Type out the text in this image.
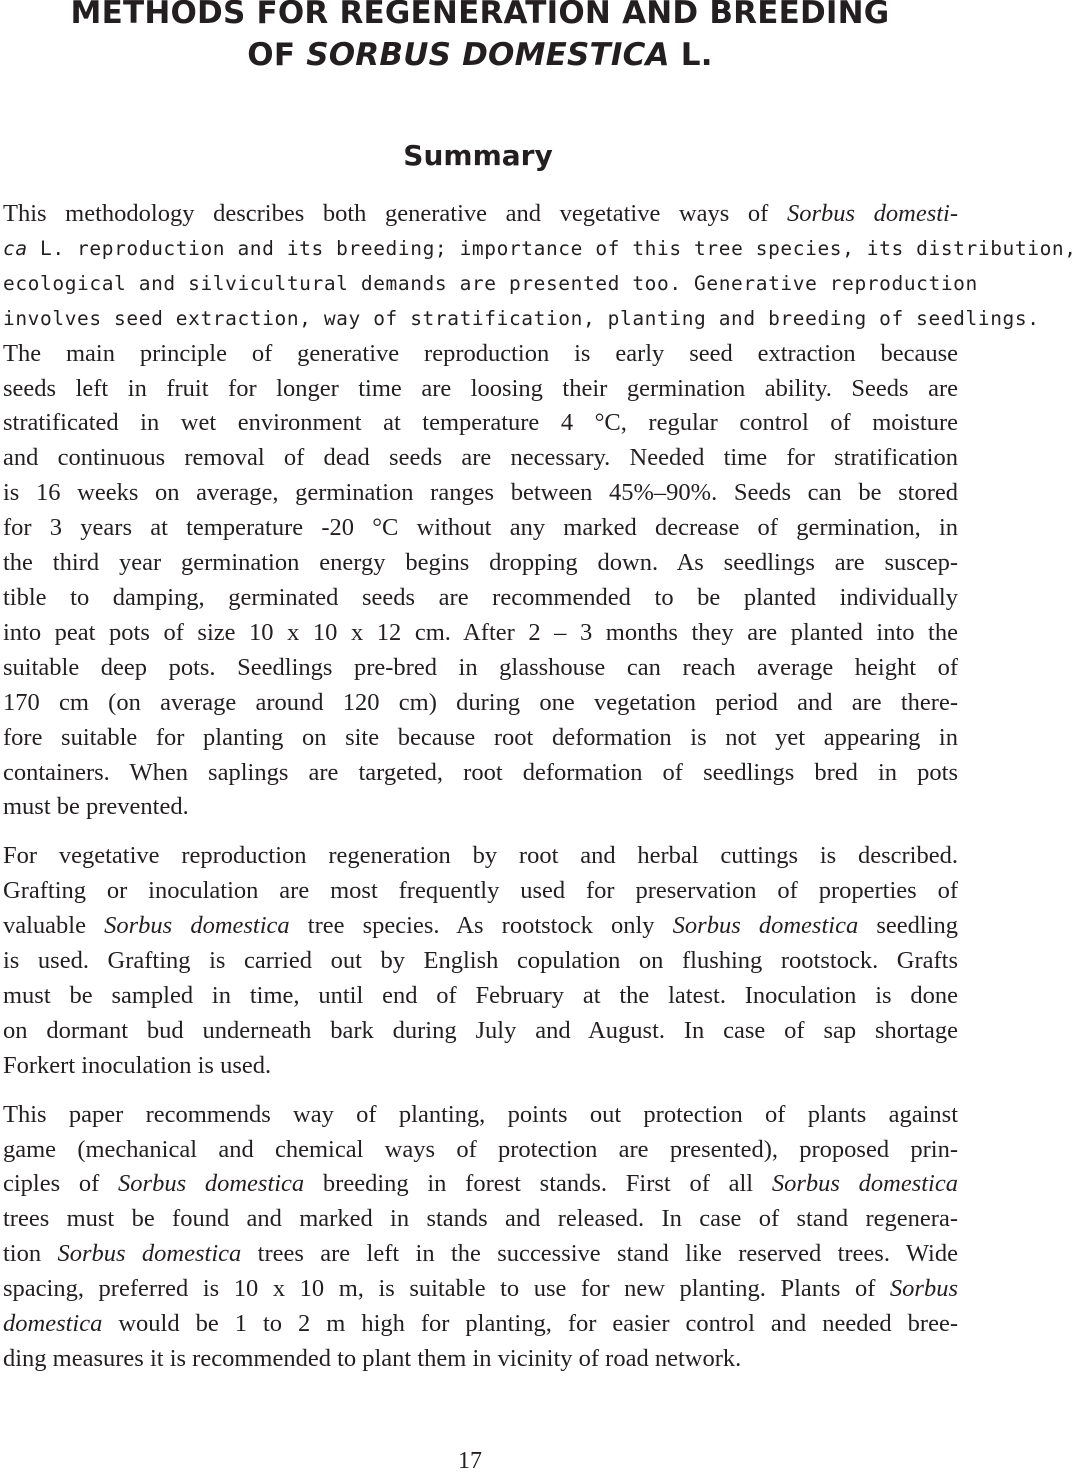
METHODS FOR REGENERATION AND BREEDING
OF SORBUS DOMESTICA L.
Summary

This methodology describes both generative and vegetative ways of Sorbus domesti-
ca L. reproduction and its breeding; importance of this tree species, its distribution,
ecological and silvicultural demands are presented too. Generative reproduction
involves seed extraction, way of stratification, planting and breeding of seedlings.
The main principle of generative reproduction is early seed extraction because
seeds left in fruit for longer time are loosing their germination ability. Seeds are
stratificated in wet environment at temperature 4 °C, regular control of moisture
and continuous removal of dead seeds are necessary. Needed time for stratification
is 16 weeks on average, germination ranges between 45%–90%. Seeds can be stored
for 3 years at temperature -20 °C without any marked decrease of germination, in
the third year germination energy begins dropping down. As seedlings are suscep-
tible to damping, germinated seeds are recommended to be planted individually
into peat pots of size 10 x 10 x 12 cm. After 2 – 3 months they are planted into the
suitable deep pots. Seedlings pre-bred in glasshouse can reach average height of
170 cm (on average around 120 cm) during one vegetation period and are there-
fore suitable for planting on site because root deformation is not yet appearing in
containers. When saplings are targeted, root deformation of seedlings bred in pots
must be prevented.

For vegetative reproduction regeneration by root and herbal cuttings is described.
Grafting or inoculation are most frequently used for preservation of properties of
valuable Sorbus domestica tree species. As rootstock only Sorbus domestica seedling
is used. Grafting is carried out by English copulation on flushing rootstock. Grafts
must be sampled in time, until end of February at the latest. Inoculation is done
on dormant bud underneath bark during July and August. In case of sap shortage
Forkert inoculation is used.

This paper recommends way of planting, points out protection of plants against
game (mechanical and chemical ways of protection are presented), proposed prin-
ciples of Sorbus domestica breeding in forest stands. First of all Sorbus domestica
trees must be found and marked in stands and released. In case of stand regenera-
tion Sorbus domestica trees are left in the successive stand like reserved trees. Wide
spacing, preferred is 10 x 10 m, is suitable to use for new planting. Plants of Sorbus
domestica would be 1 to 2 m high for planting, for easier control and needed bree-
ding measures it is recommended to plant them in vicinity of road network.

17
